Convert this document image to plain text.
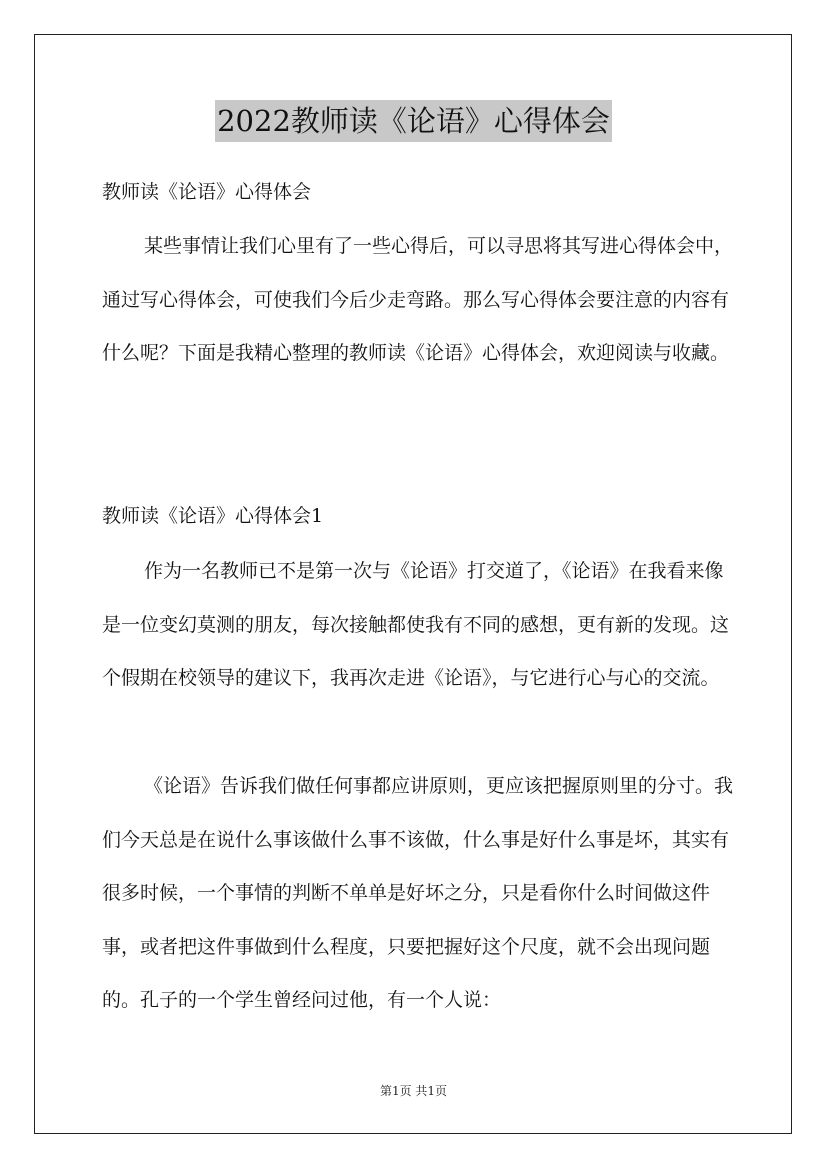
2022教师读《论语》心得体会

教师读《论语》心得体会

某些事情让我们心里有了一些心得后，可以寻思将其写进心得体会中，通过写心得体会，可使我们今后少走弯路。那么写心得体会要注意的内容有什么呢？下面是我精心整理的教师读《论语》心得体会，欢迎阅读与收藏。

教师读《论语》心得体会1

作为一名教师已不是第一次与《论语》打交道了，《论语》在我看来像是一位变幻莫测的朋友，每次接触都使我有不同的感想，更有新的发现。这个假期在校领导的建议下，我再次走进《论语》，与它进行心与心的交流。

《论语》告诉我们做任何事都应讲原则，更应该把握原则里的分寸。我们今天总是在说什么事该做什么事不该做，什么事是好什么事是坏，其实有很多时候，一个事情的判断不单单是好坏之分，只是看你什么时间做这件事，或者把这件事做到什么程度，只要把握好这个尺度，就不会出现问题的。孔子的一个学生曾经问过他，有一个人说：

第1页 共1页
